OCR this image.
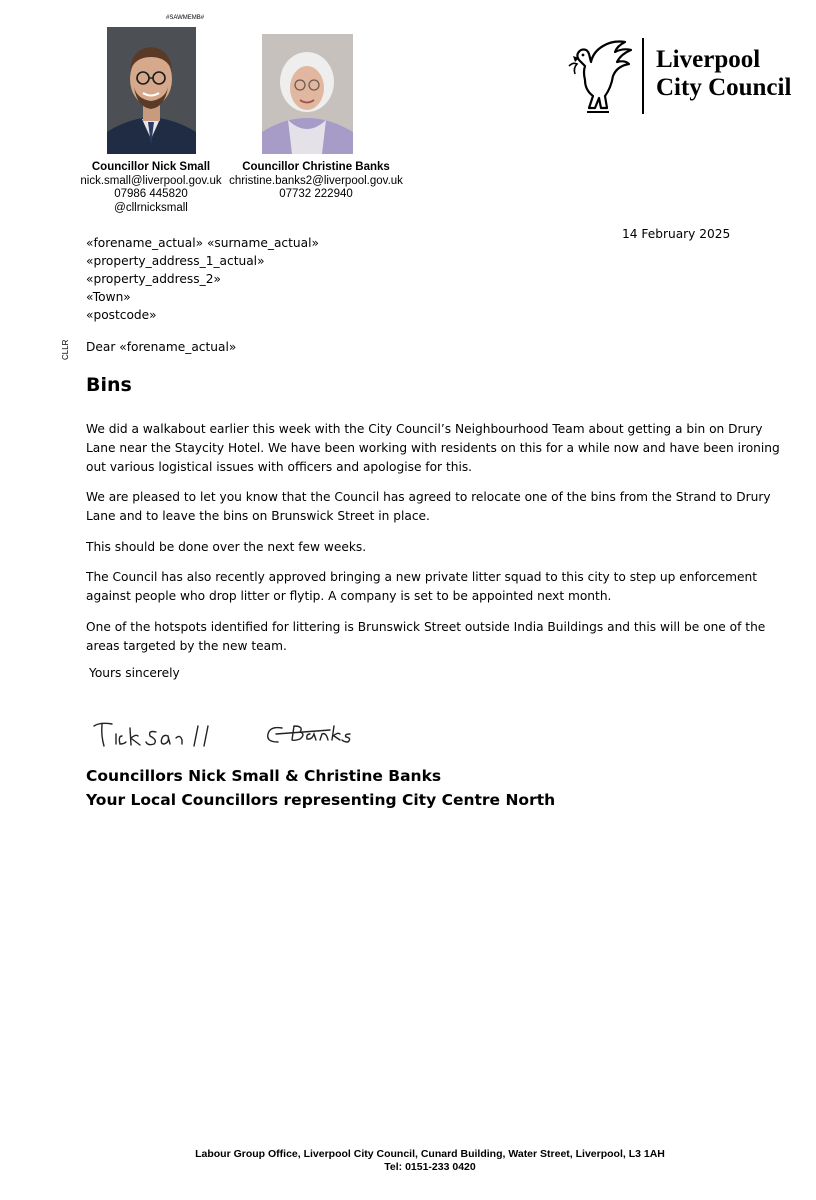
#SAWMEMB#
Councillor Nick Small
nick.small@liverpool.gov.uk
07986 445820
@cllrnicksmall
Councillor Christine Banks
christine.banks2@liverpool.gov.uk
07732 222940
Liverpool
City Council
14 February 2025
«forename_actual» «surname_actual»
«property_address_1_actual»
«property_address_2»
«Town»
«postcode»
CLLR Dear «forename_actual»
Bins
We did a walkabout earlier this week with the City Council’s Neighbourhood Team about getting a bin on Drury Lane near the Staycity Hotel. We have been working with residents on this for a while now and have been ironing out various logistical issues with officers and apologise for this.
We are pleased to let you know that the Council has agreed to relocate one of the bins from the Strand to Drury Lane and to leave the bins on Brunswick Street in place.
This should be done over the next few weeks.
The Council has also recently approved bringing a new private litter squad to this city to step up enforcement against people who drop litter or flytip. A company is set to be appointed next month.
One of the hotspots identified for littering is Brunswick Street outside India Buildings and this will be one of the areas targeted by the new team.
Yours sincerely
Councillors Nick Small & Christine Banks
Your Local Councillors representing City Centre North
Labour Group Office, Liverpool City Council, Cunard Building, Water Street, Liverpool, L3 1AH
Tel: 0151-233 0420
